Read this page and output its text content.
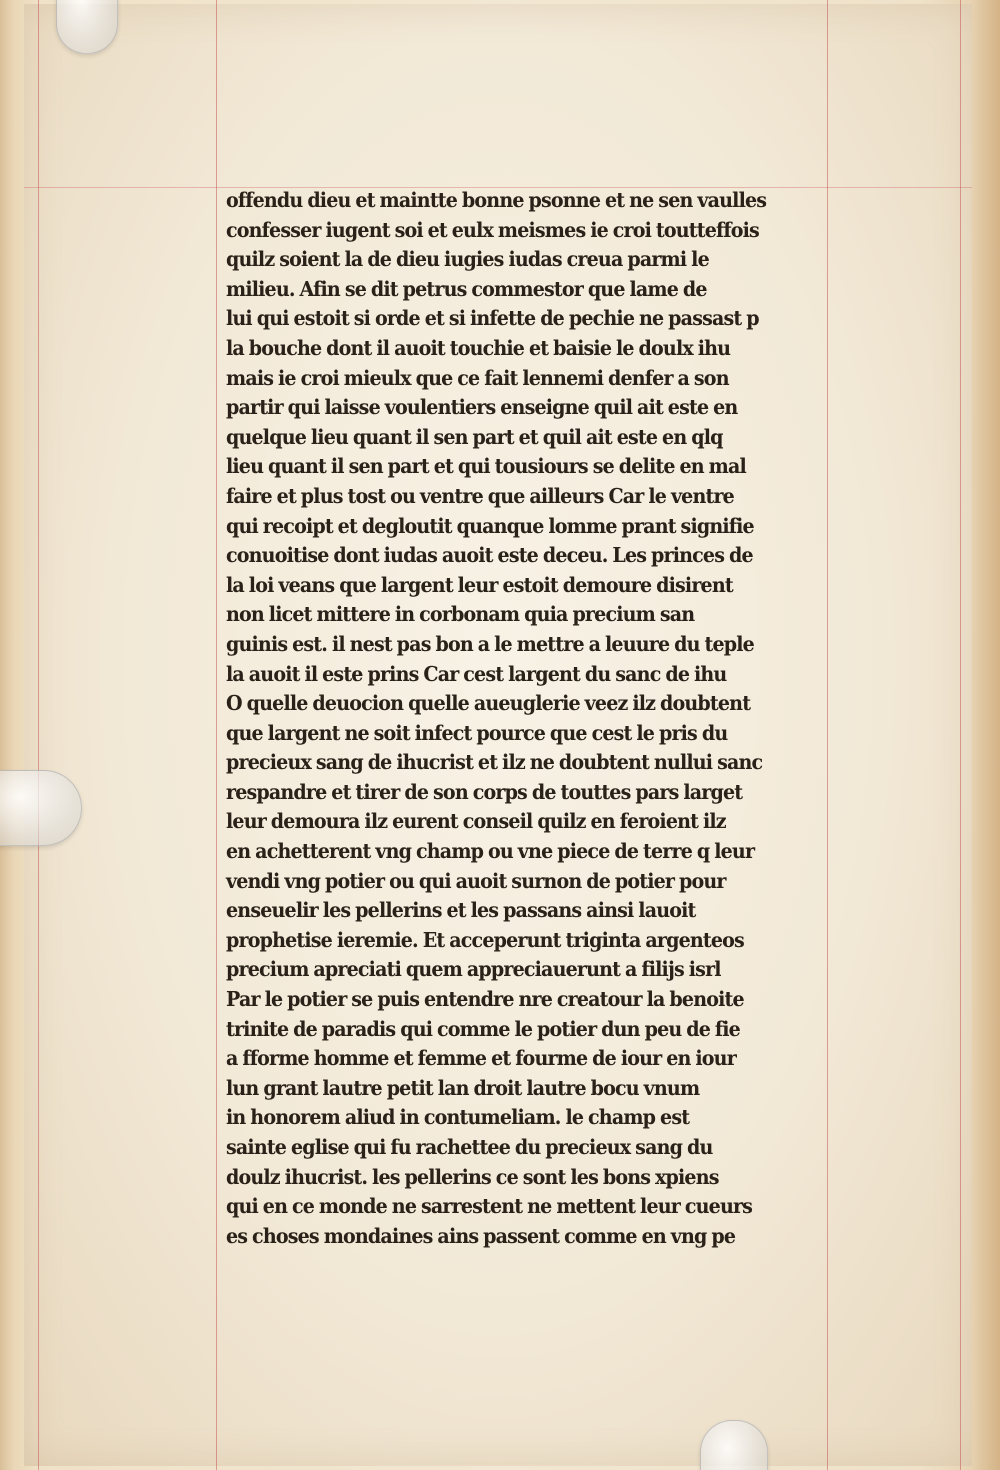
offendu dieu et maintte bonne psonne et ne sen vaulles
confesser iugent soi et eulx meismes ie croi toutteffois
quilz soient la de dieu iugies iudas creua parmi le
milieu. Afin se dit petrus commestor que lame de
lui qui estoit si orde et si infette de pechie ne passast p
la bouche dont il auoit touchie et baisie le doulx ihu
mais ie croi mieulx que ce fait lennemi denfer a son
partir qui laisse voulentiers enseigne quil ait este en
quelque lieu quant il sen part et quil ait este en qlq
lieu quant il sen part et qui tousiours se delite en mal
faire et plus tost ou ventre que ailleurs Car le ventre
qui recoipt et degloutit quanque lomme prant signifie
conuoitise dont iudas auoit este deceu. Les princes de
la loi veans que largent leur estoit demoure disirent
non licet mittere in corbonam quia precium san
guinis est. il nest pas bon a le mettre a leuure du teple
la auoit il este prins Car cest largent du sanc de ihu
O quelle deuocion quelle aueuglerie veez ilz doubtent
que largent ne soit infect pource que cest le pris du
precieux sang de ihucrist et ilz ne doubtent nullui sanc
respandre et tirer de son corps de touttes pars larget
leur demoura ilz eurent conseil quilz en feroient ilz
en achetterent vng champ ou vne piece de terre q leur
vendi vng potier ou qui auoit surnon de potier pour
enseuelir les pellerins et les passans ainsi lauoit
prophetise ieremie. Et acceperunt triginta argenteos
precium apreciati quem appreciauerunt a filijs isrl
Par le potier se puis entendre nre creatour la benoite
trinite de paradis qui comme le potier dun peu de fie
a fforme homme et femme et fourme de iour en iour
lun grant lautre petit lan droit lautre bocu vnum
in honorem aliud in contumeliam. le champ est
sainte eglise qui fu rachettee du precieux sang du
doulz ihucrist. les pellerins ce sont les bons xpiens
qui en ce monde ne sarrestent ne mettent leur cueurs
es choses mondaines ains passent comme en vng pe
